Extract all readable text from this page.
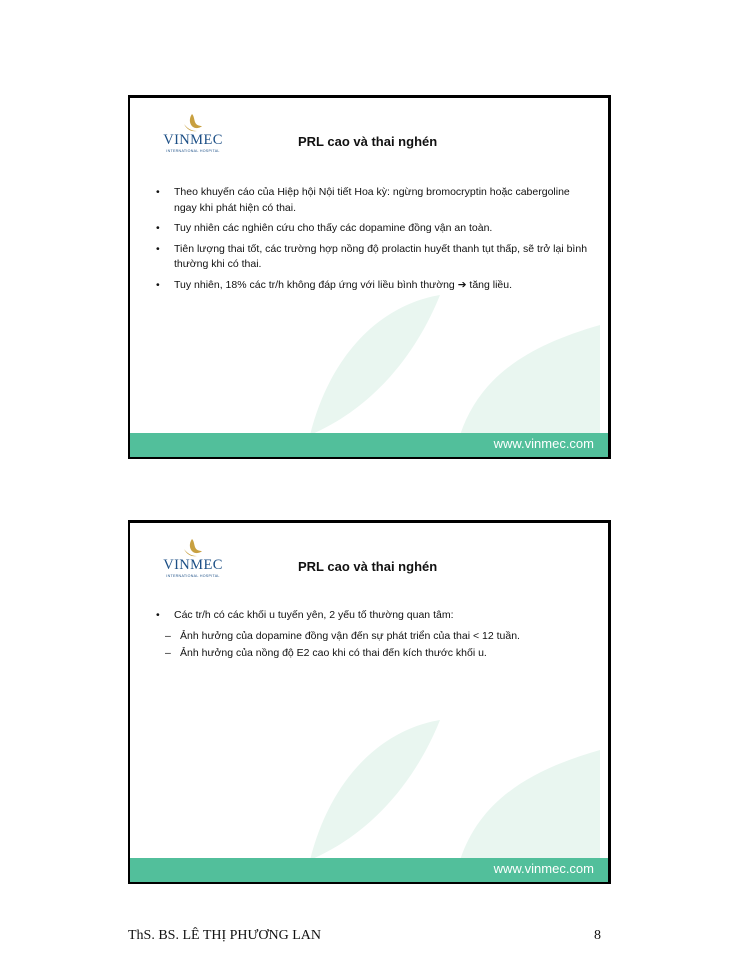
VINMEC
INTERNATIONAL HOSPITAL
PRL cao và thai nghén
• Theo khuyến cáo của Hiệp hội Nội tiết Hoa kỳ: ngừng bromocryptin hoặc cabergoline ngay khi phát hiện có thai.
• Tuy nhiên các nghiên cứu cho thấy các dopamine đồng vận an toàn.
• Tiên lượng thai tốt, các trường hợp nồng độ prolactin huyết thanh tụt thấp, sẽ trở lại bình thường khi có thai.
• Tuy nhiên, 18% các tr/h không đáp ứng với liều bình thường ➔ tăng liều.
www.vinmec.com
VINMEC
INTERNATIONAL HOSPITAL
PRL cao và thai nghén
• Các tr/h có các khối u tuyến yên, 2 yếu tố thường quan tâm:
– Ảnh hưởng của dopamine đồng vận đến sự phát triển của thai < 12 tuần.
– Ảnh hưởng của nồng độ E2 cao khi có thai đến kích thước khối u.
www.vinmec.com
ThS. BS. LÊ THỊ PHƯƠNG LAN	8
